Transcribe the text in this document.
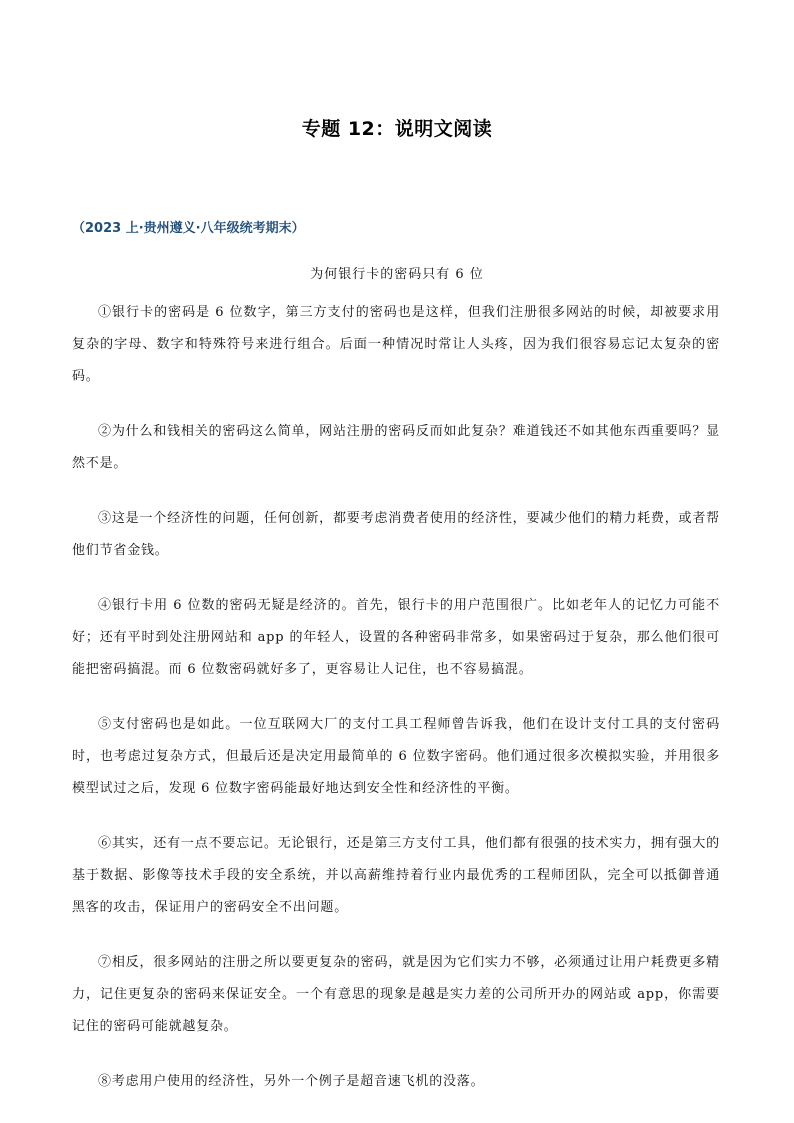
专题 12：说明文阅读
（2023 上·贵州遵义·八年级统考期末）
为何银行卡的密码只有 6 位

①银行卡的密码是 6 位数字，第三方支付的密码也是这样，但我们注册很多网站的时候，却被要求用复杂的字母、数字和特殊符号来进行组合。后面一种情况时常让人头疼，因为我们很容易忘记太复杂的密码。

②为什么和钱相关的密码这么简单，网站注册的密码反而如此复杂？难道钱还不如其他东西重要吗？显然不是。

③这是一个经济性的问题，任何创新，都要考虑消费者使用的经济性，要减少他们的精力耗费，或者帮他们节省金钱。

④银行卡用 6 位数的密码无疑是经济的。首先，银行卡的用户范围很广。比如老年人的记忆力可能不好；还有平时到处注册网站和 app 的年轻人，设置的各种密码非常多，如果密码过于复杂，那么他们很可能把密码搞混。而 6 位数密码就好多了，更容易让人记住，也不容易搞混。

⑤支付密码也是如此。一位互联网大厂的支付工具工程师曾告诉我，他们在设计支付工具的支付密码时，也考虑过复杂方式，但最后还是决定用最简单的 6 位数字密码。他们通过很多次模拟实验，并用很多模型试过之后，发现 6 位数字密码能最好地达到安全性和经济性的平衡。

⑥其实，还有一点不要忘记。无论银行，还是第三方支付工具，他们都有很强的技术实力，拥有强大的基于数据、影像等技术手段的安全系统，并以高薪维持着行业内最优秀的工程师团队，完全可以抵御普通黑客的攻击，保证用户的密码安全不出问题。

⑦相反，很多网站的注册之所以要更复杂的密码，就是因为它们实力不够，必须通过让用户耗费更多精力，记住更复杂的密码来保证安全。一个有意思的现象是越是实力差的公司所开办的网站或 app，你需要记住的密码可能就越复杂。

⑧考虑用户使用的经济性，另外一个例子是超音速飞机的没落。
